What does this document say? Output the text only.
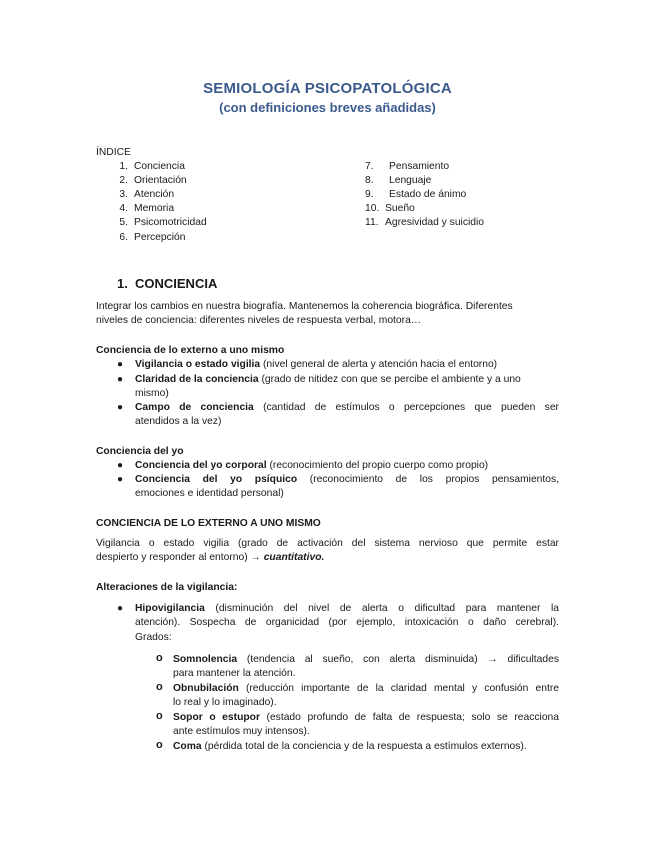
SEMIOLOGÍA PSICOPATOLÓGICA
(con definiciones breves añadidas)
ÍNDICE
1. Conciencia
2. Orientación
3. Atención
4. Memoria
5. Psicomotricidad
6. Percepción
7. Pensamiento
8. Lenguaje
9. Estado de ánimo
10. Sueño
11. Agresividad y suicidio
1. CONCIENCIA
Integrar los cambios en nuestra biografía. Mantenemos la coherencia biográfica. Diferentes
niveles de conciencia: diferentes niveles de respuesta verbal, motora…
Conciencia de lo externo a uno mismo
● Vigilancia o estado vigilia (nivel general de alerta y atención hacia el entorno)
● Claridad de la conciencia (grado de nitidez con que se percibe el ambiente y a uno
mismo)
● Campo de conciencia (cantidad de estímulos o percepciones que pueden ser
atendidos a la vez)
Conciencia del yo
● Conciencia del yo corporal (reconocimiento del propio cuerpo como propio)
● Conciencia del yo psíquico (reconocimiento de los propios pensamientos,
emociones e identidad personal)
CONCIENCIA DE LO EXTERNO A UNO MISMO
Vigilancia o estado vigilia (grado de activación del sistema nervioso que permite estar
despierto y responder al entorno) → cuantitativo.
Alteraciones de la vigilancia:
● Hipovigilancia (disminución del nivel de alerta o dificultad para mantener la
atención). Sospecha de organicidad (por ejemplo, intoxicación o daño cerebral).
Grados:
o Somnolencia (tendencia al sueño, con alerta disminuida) → dificultades
para mantener la atención.
o Obnubilación (reducción importante de la claridad mental y confusión entre
lo real y lo imaginado).
o Sopor o estupor (estado profundo de falta de respuesta; solo se reacciona
ante estímulos muy intensos).
o Coma (pérdida total de la conciencia y de la respuesta a estímulos externos).
